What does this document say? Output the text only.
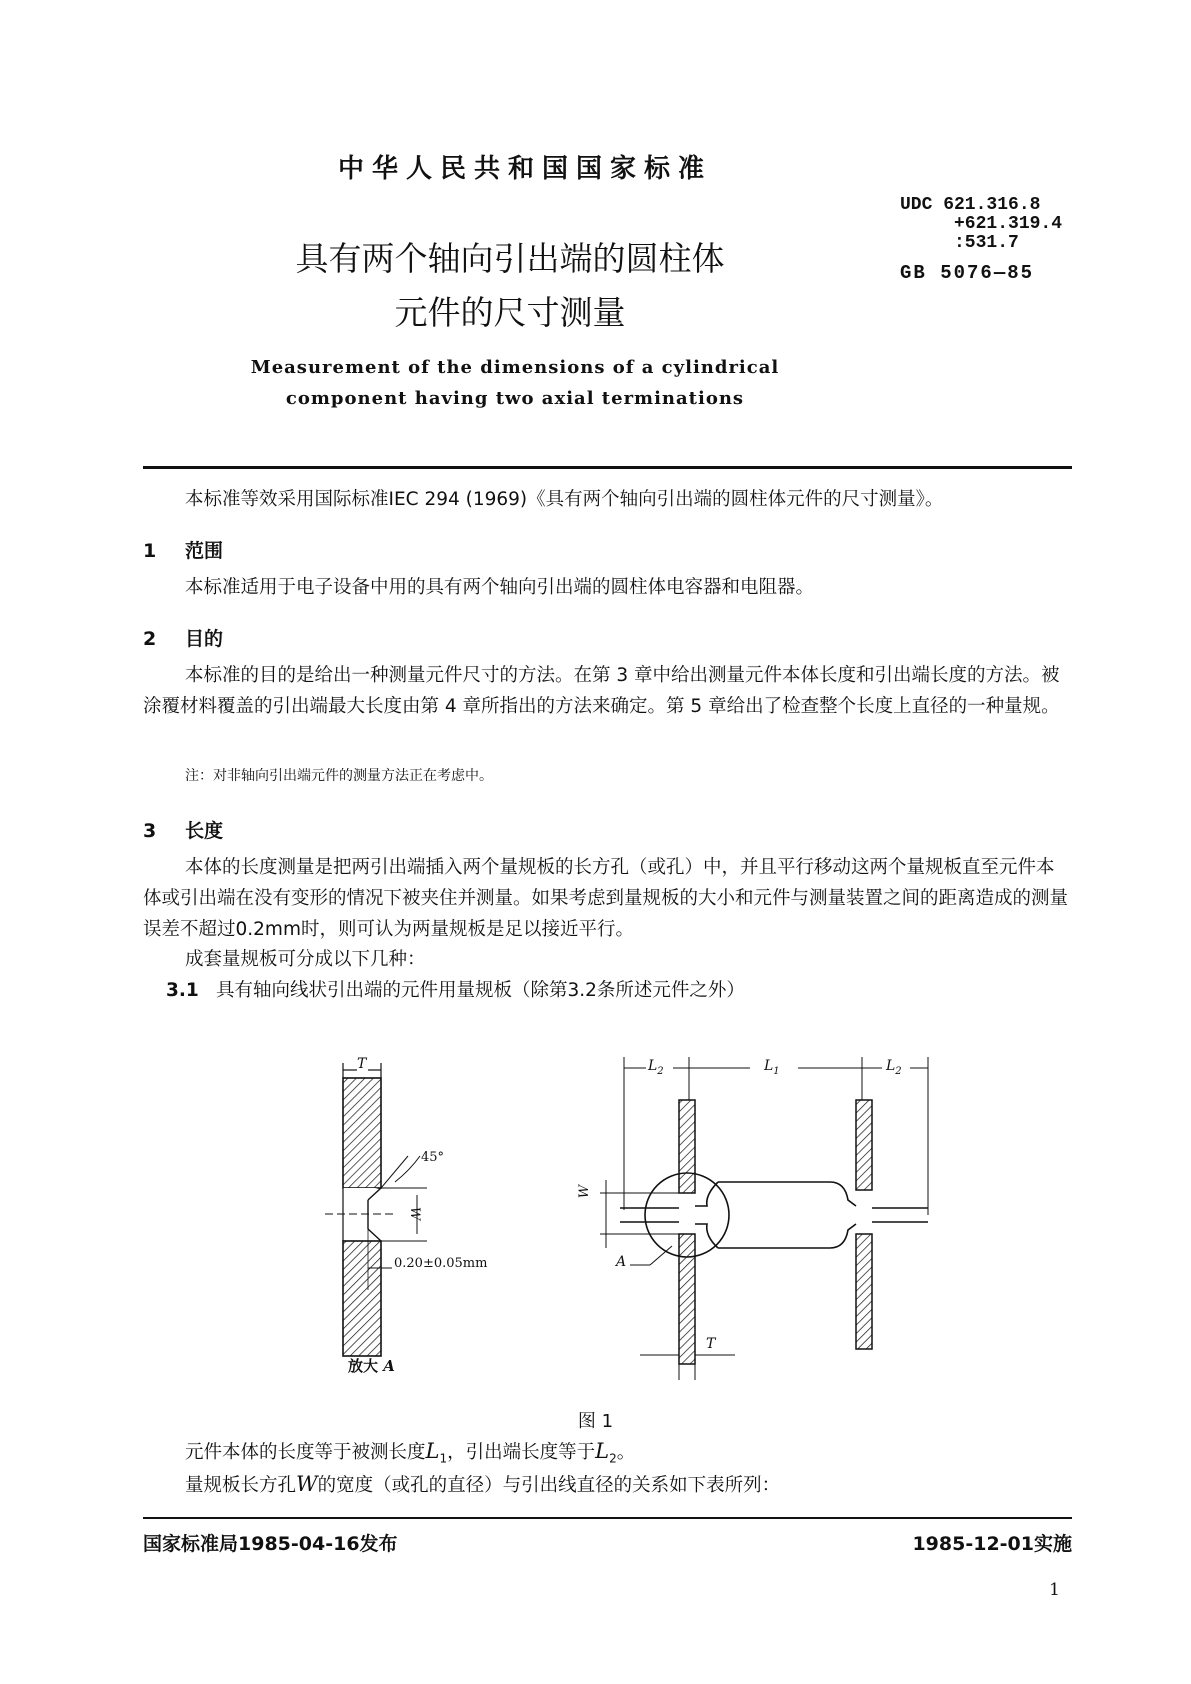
中华人民共和国国家标准
UDC 621.316.8
+621.319.4
:531.7
GB 5076—85
具有两个轴向引出端的圆柱体
元件的尺寸测量
Measurement of the dimensions of a cylindrical
component having two axial terminations
本标准等效采用国际标准IEC 294 (1969)《具有两个轴向引出端的圆柱体元件的尺寸测量》。
1 范围
本标准适用于电子设备中用的具有两个轴向引出端的圆柱体电容器和电阻器。
2 目的
本标准的目的是给出一种测量元件尺寸的方法。在第 3 章中给出测量元件本体长度和引出端长度的方法。被涂覆材料覆盖的引出端最大长度由第 4 章所指出的方法来确定。第 5 章给出了检查整个长度上直径的一种量规。
注：对非轴向引出端元件的测量方法正在考虑中。
3 长度
本体的长度测量是把两引出端插入两个量规板的长方孔（或孔）中，并且平行移动这两个量规板直至元件本体或引出端在没有变形的情况下被夹住并测量。如果考虑到量规板的大小和元件与测量装置之间的距离造成的测量误差不超过0.2mm时，则可认为两量规板是足以接近平行。
成套量规板可分成以下几种：
3.1 具有轴向线状引出端的元件用量规板（除第3.2条所述元件之外）
T
45°
W
0.20±0.05mm
放大 A
$L_2$	$L_1$	$L_2$
W
A
T
图 1
元件本体的长度等于被测长度$L_1$，引出端长度等于$L_2$。
量规板长方孔W的宽度（或孔的直径）与引出线直径的关系如下表所列：
国家标准局1985-04-16发布	1985-12-01实施
1
